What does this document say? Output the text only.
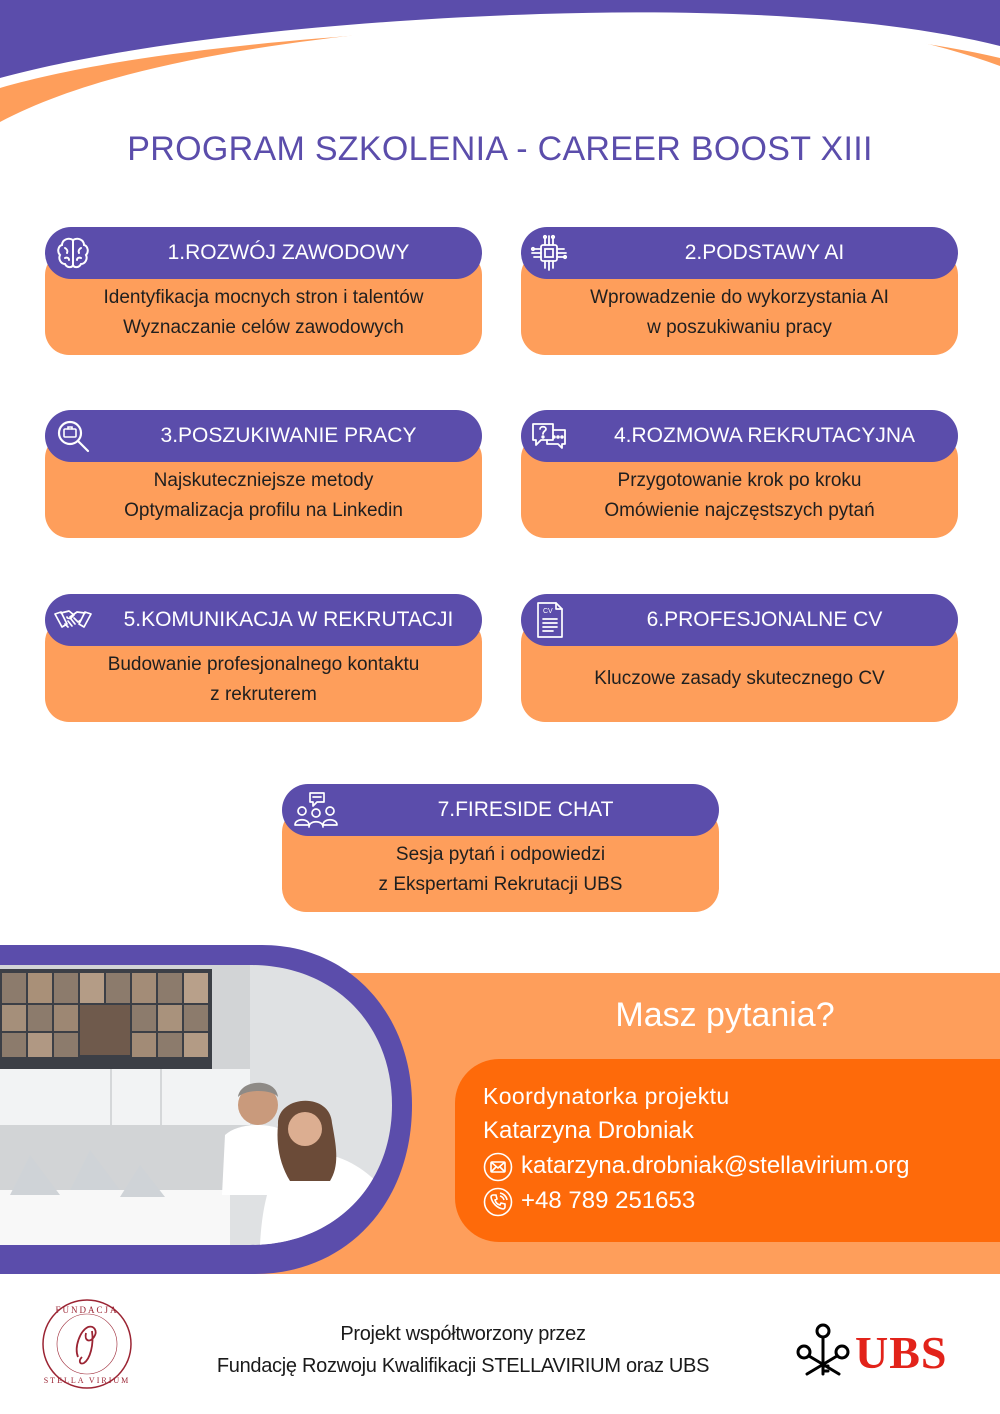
PROGRAM SZKOLENIA - CAREER BOOST XIII
1.ROZWÓJ ZAWODOWY
Identyfikacja mocnych stron i talentów
Wyznaczanie celów zawodowych
2.PODSTAWY AI
Wprowadzenie do wykorzystania AI
w poszukiwaniu pracy
3.POSZUKIWANIE PRACY
Najskuteczniejsze metody
Optymalizacja profilu na Linkedin
4.ROZMOWA REKRUTACYJNA
Przygotowanie krok po kroku
Omówienie najczęstszych pytań
5.KOMUNIKACJA W REKRUTACJI
Budowanie profesjonalnego kontaktu
z rekruterem
CV	6.PROFESJONALNE CV
Kluczowe zasady skutecznego CV
7.FIRESIDE CHAT
Sesja pytań i odpowiedzi
z Ekspertami Rekrutacji UBS
Masz pytania?
Koordynatorka projektu
Katarzyna Drobniak
katarzyna.drobniak@stellavirium.org
+48 789 251653
FUNDACJA
STELLA VIRIUM
Projekt współtworzony przez
Fundację Rozwoju Kwalifikacji STELLAVIRIUM oraz UBS	UBS
